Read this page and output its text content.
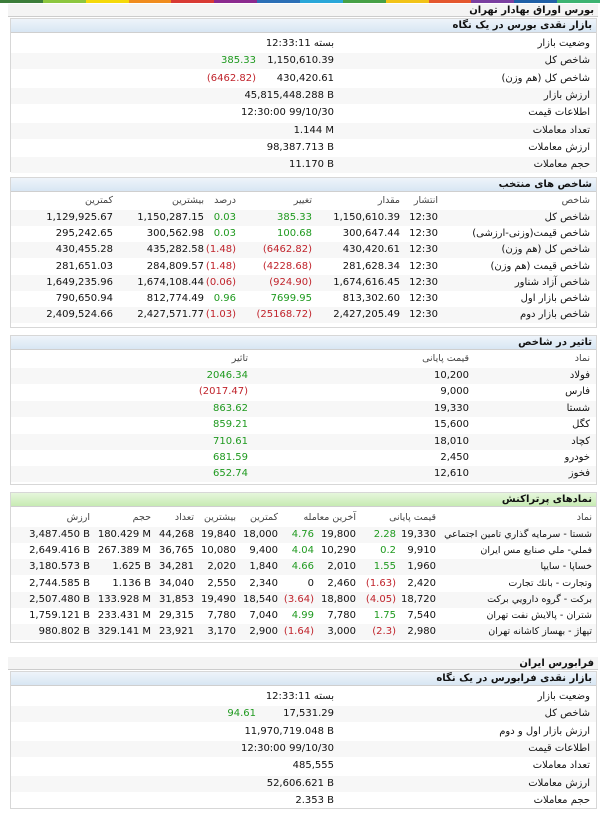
بورس اوراق بهادار تهران
بازار نقدی بورس در یک نگاه
وضعیت بازار
بسته 12:33:11
شاخص کل
1,150,610.39
385.33
شاخص کل (هم وزن)
430,420.61
(6462.82)
ارزش بازار
45,815,448.288 B
اطلاعات قیمت
12:30:00 99/10/30
تعداد معاملات
1.144 M
ارزش معاملات
98,387.713 B
حجم معاملات
11.170 B
شاخص های منتخب
شاخص
انتشار
مقدار
تغییر
درصد
بیشترین
کمترین
شاخص کل
12:30
1,150,610.39
385.33
0.03
1,150,287.15
1,129,925.67
شاخص قیمت(وزنی-ارزشی)
12:30
300,647.44
100.68
0.03
300,562.98
295,242.65
شاخص کل (هم وزن)
12:30
430,420.61
(6462.82)
(1.48)
435,282.58
430,455.28
شاخص قیمت (هم وزن)
12:30
281,628.34
(4228.68)
(1.48)
284,809.57
281,651.03
شاخص آزاد شناور
12:30
1,674,616.45
(924.90)
(0.06)
1,674,108.44
1,649,235.96
شاخص بازار اول
12:30
813,302.60
7699.95
0.96
812,774.49
790,650.94
شاخص بازار دوم
12:30
2,427,205.49
(25168.72)
(1.03)
2,427,571.77
2,409,524.66
تاثیر در شاخص
نماد
قیمت پایانی
تاثیر
فولاد
10,200
2046.34
فارس
9,000
(2017.47)
شستا
19,330
863.62
کگل
15,600
859.21
کچاد
18,010
710.61
خودرو
2,450
681.59
فخوز
12,610
652.74
نمادهای پرتراکنش
نماد
قیمت پایانی
آخرین معامله
کمترین
بیشترین
تعداد
حجم
ارزش
شستا - سرمايه گذاري تامين اجتماعي
19,330
2.28
19,800
4.76
18,000
19,840
44,268
180.429 M
3,487.450 B
فملي- ملي صنايع مس ايران
9,910
0.2
10,290
4.04
9,400
10,080
36,765
267.389 M
2,649.416 B
خساپا - سايپا
1,960
1.55
2,010
4.66
1,840
2,020
34,281
1.625 B
3,180.573 B
وتجارت - بانك تجارت
2,420
(1.63)
2,460
0
2,340
2,550
34,040
1.136 B
2,744.585 B
بركت - گروه دارويي بركت
18,720
(4.05)
18,800
(3.64)
18,540
19,490
31,853
133.928 M
2,507.480 B
شتران - پالايش نفت تهران
7,540
1.75
7,780
4.99
7,040
7,780
29,315
233.431 M
1,759.121 B
تپهاژ - بهساز كاشانه تهران
2,980
(2.3)
3,000
(1.64)
2,900
3,170
23,921
329.141 M
980.802 B
فرابورس ایران
بازار نقدی فرابورس در یک نگاه
وضعیت بازار
بسته 12:33:11
شاخص کل
17,531.29
94.61
ارزش بازار اول و دوم
11,970,719.048 B
اطلاعات قیمت
12:30:00 99/10/30
تعداد معاملات
485,555
ارزش معاملات
52,606.621 B
حجم معاملات
2.353 B
